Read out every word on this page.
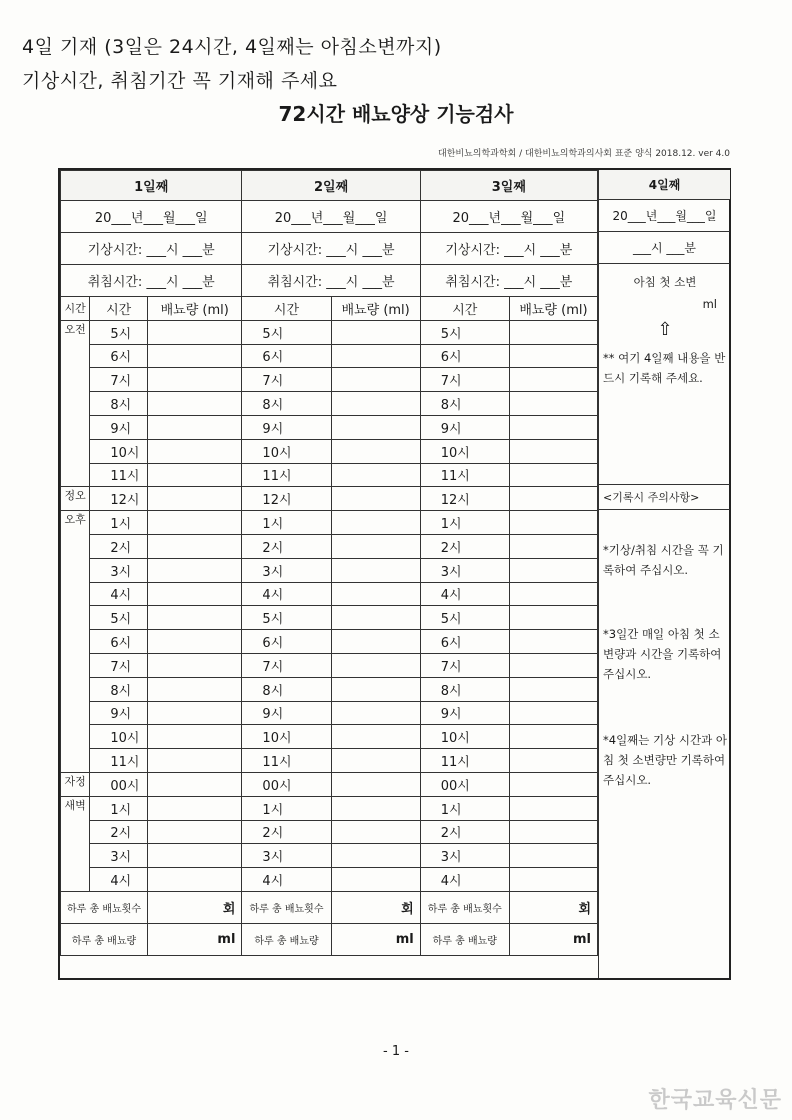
4일 기재 (3일은 24시간, 4일째는 아침소변까지)
기상시간, 취침기간 꼭 기재해 주세요
72시간 배뇨양상 기능검사
대한비뇨의학과학회 / 대한비뇨의학과의사회 표준 양식 2018.12. ver 4.0
1일째			2일째		3일째	
20___년___월___일			20___년___월___일		20___년___월___일	
기상시간: ___시 ___분			기상시간: ___시 ___분		기상시간: ___시 ___분	
취침시간: ___시 ___분			취침시간: ___시 ___분		취침시간: ___시 ___분	
시간	시간	배뇨량 (ml)	시간	배뇨량 (ml)	시간	배뇨량 (ml)
오전	5시		5시		5시	
	6시		6시		6시	
	7시		7시		7시	
	8시		8시		8시	
	9시		9시		9시	
	10시		10시		10시	
	11시		11시		11시	
정오	12시		12시		12시	
오후	1시		1시		1시	
	2시		2시		2시	
	3시		3시		3시	
	4시		4시		4시	
	5시		5시		5시	
	6시		6시		6시	
	7시		7시		7시	
	8시		8시		8시	
	9시		9시		9시	
	10시		10시		10시	
	11시		11시		11시	
자정	00시		00시		00시	
새벽	1시		1시		1시	
	2시		2시		2시	
	3시		3시		3시	
	4시		4시		4시	
하루 총 배뇨횟수		회	하루 총 배뇨횟수	회	하루 총 배뇨횟수	회
하루 총 배뇨량		ml	하루 총 배뇨량	ml	하루 총 배뇨량	ml
4일째
20___년___월___일
___시 ___분
아침 첫 소변
ml
⇧
** 여기 4일째 내용을 반드시 기록해 주세요.
<기록시 주의사항>
*기상/취침 시간을 꼭 기록하여 주십시오.
*3일간 매일 아침 첫 소변량과 시간을 기록하여 주십시오.
*4일째는 기상 시간과 아침 첫 소변량만 기록하여 주십시오.
- 1 -
한국교육신문
